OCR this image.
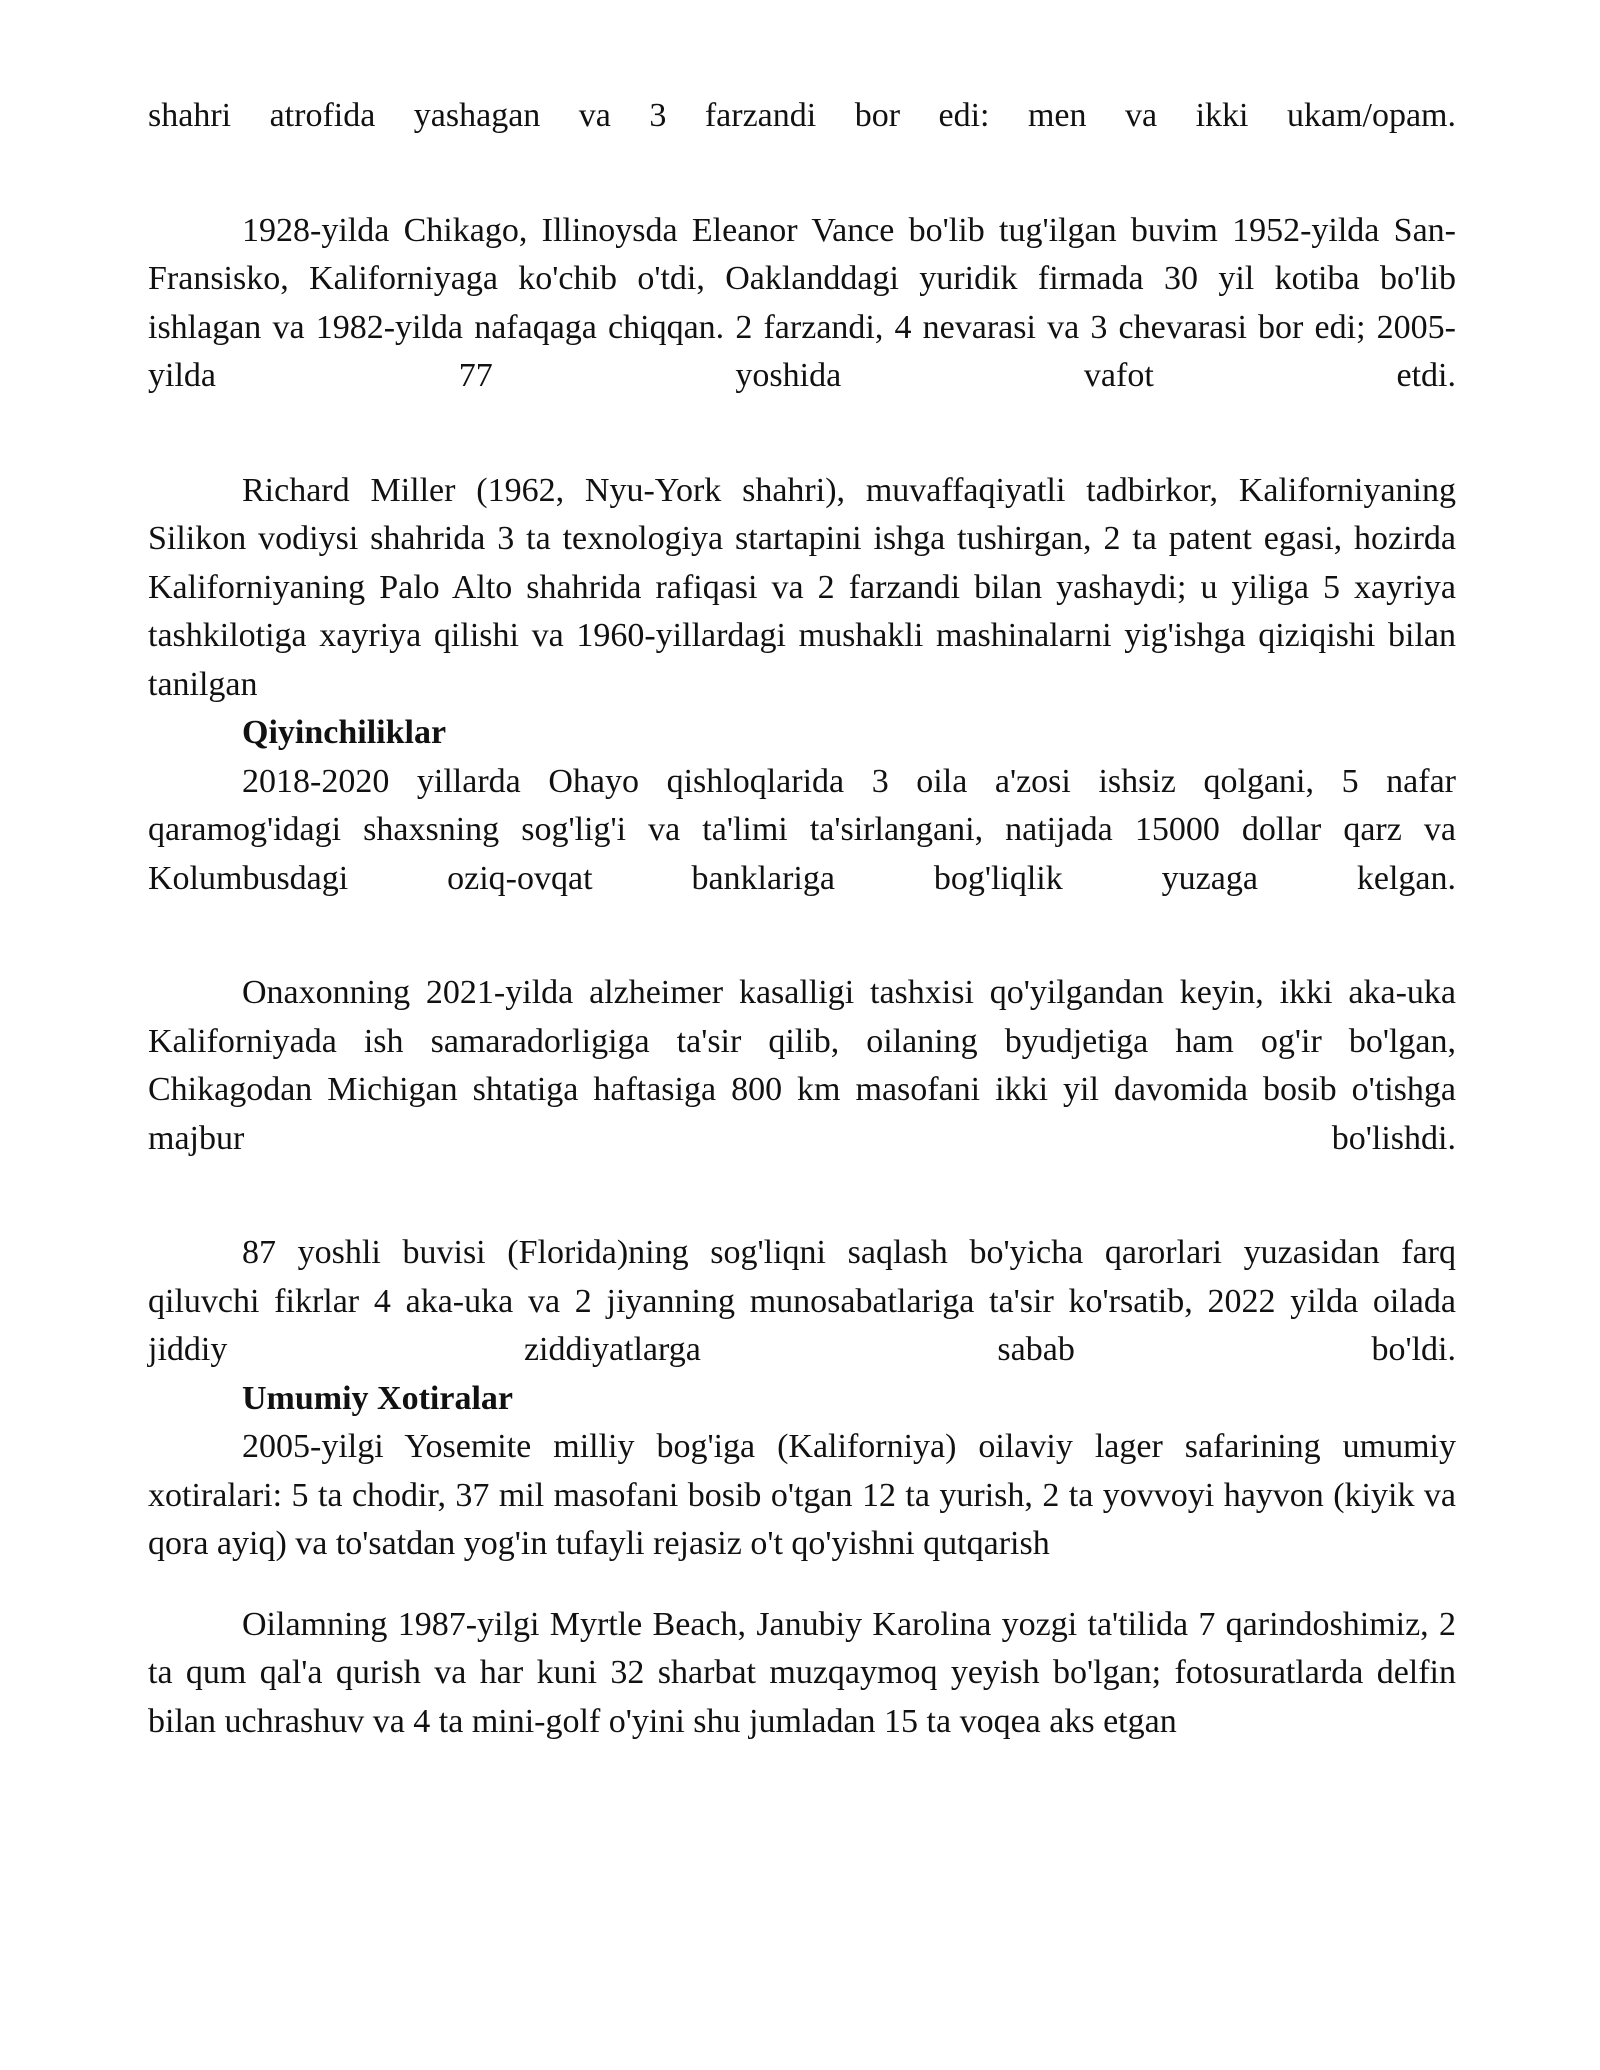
shahri atrofida yashagan va 3 farzandi bor edi: men va ikki ukam/opam.

1928-yilda Chikago, Illinoysda Eleanor Vance bo'lib tug'ilgan buvim 1952-yilda San-Fransisko, Kaliforniyaga ko'chib o'tdi, Oaklanddagi yuridik firmada 30 yil kotiba bo'lib ishlagan va 1982-yilda nafaqaga chiqqan. 2 farzandi, 4 nevarasi va 3 chevarasi bor edi; 2005-yilda 77 yoshida vafot etdi.

Richard Miller (1962, Nyu-York shahri), muvaffaqiyatli tadbirkor, Kaliforniyaning Silikon vodiysi shahrida 3 ta texnologiya startapini ishga tushirgan, 2 ta patent egasi, hozirda Kaliforniyaning Palo Alto shahrida rafiqasi va 2 farzandi bilan yashaydi; u yiliga 5 xayriya tashkilotiga xayriya qilishi va 1960-yillardagi mushakli mashinalarni yig'ishga qiziqishi bilan tanilgan

Qiyinchiliklar

2018-2020 yillarda Ohayo qishloqlarida 3 oila a'zosi ishsiz qolgani, 5 nafar qaramog'idagi shaxsning sog'lig'i va ta'limi ta'sirlangani, natijada 15000 dollar qarz va Kolumbusdagi oziq-ovqat banklariga bog'liqlik yuzaga kelgan.

Onaxonning 2021-yilda alzheimer kasalligi tashxisi qo'yilgandan keyin, ikki aka-uka Kaliforniyada ish samaradorligiga ta'sir qilib, oilaning byudjetiga ham og'ir bo'lgan, Chikagodan Michigan shtatiga haftasiga 800 km masofani ikki yil davomida bosib o'tishga majbur bo'lishdi.

87 yoshli buvisi (Florida)ning sog'liqni saqlash bo'yicha qarorlari yuzasidan farq qiluvchi fikrlar 4 aka-uka va 2 jiyanning munosabatlariga ta'sir ko'rsatib, 2022 yilda oilada jiddiy ziddiyatlarga sabab bo'ldi.

Umumiy Xotiralar

2005-yilgi Yosemite milliy bog'iga (Kaliforniya) oilaviy lager safarining umumiy xotiralari: 5 ta chodir, 37 mil masofani bosib o'tgan 12 ta yurish, 2 ta yovvoyi hayvon (kiyik va qora ayiq) va to'satdan yog'in tufayli rejasiz o't qo'yishni qutqarish

Oilamning 1987-yilgi Myrtle Beach, Janubiy Karolina yozgi ta'tilida 7 qarindoshimiz, 2 ta qum qal'a qurish va har kuni 32 sharbat muzqaymoq yeyish bo'lgan; fotosuratlarda delfin bilan uchrashuv va 4 ta mini-golf o'yini shu jumladan 15 ta voqea aks etgan
